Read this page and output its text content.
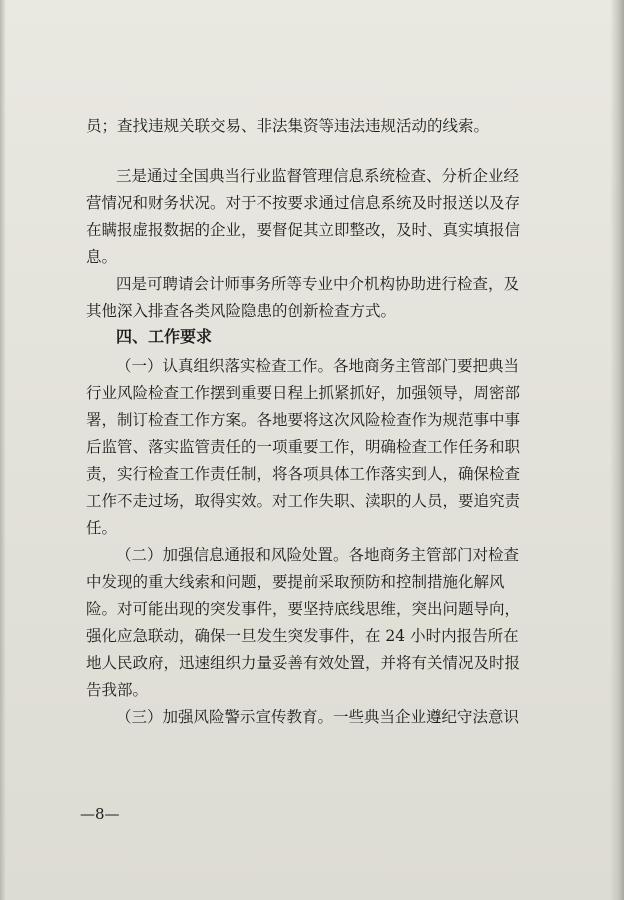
员；查找违规关联交易、非法集资等违法违规活动的线索。

三是通过全国典当行业监督管理信息系统检查、分析企业经

营情况和财务状况。对于不按要求通过信息系统及时报送以及存

在瞒报虚报数据的企业，要督促其立即整改，及时、真实填报信

息。

四是可聘请会计师事务所等专业中介机构协助进行检查，及

其他深入排查各类风险隐患的创新检查方式。

四、工作要求

（一）认真组织落实检查工作。各地商务主管部门要把典当

行业风险检查工作摆到重要日程上抓紧抓好，加强领导，周密部

署，制订检查工作方案。各地要将这次风险检查作为规范事中事

后监管、落实监管责任的一项重要工作，明确检查工作任务和职

责，实行检查工作责任制，将各项具体工作落实到人，确保检查

工作不走过场，取得实效。对工作失职、渎职的人员，要追究责

任。

（二）加强信息通报和风险处置。各地商务主管部门对检查

中发现的重大线索和问题，要提前采取预防和控制措施化解风

险。对可能出现的突发事件，要坚持底线思维，突出问题导向，

强化应急联动，确保一旦发生突发事件，在 24 小时内报告所在

地人民政府，迅速组织力量妥善有效处置，并将有关情况及时报

告我部。

（三）加强风险警示宣传教育。一些典当企业遵纪守法意识

—8—
